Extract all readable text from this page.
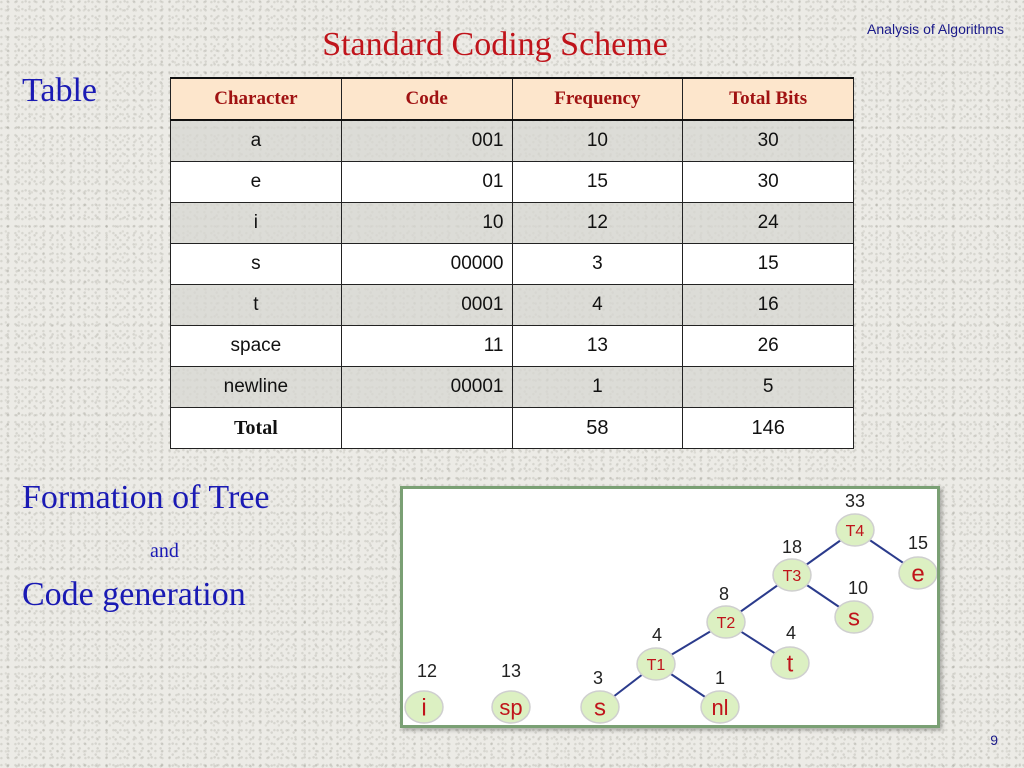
Analysis of Algorithms
Standard Coding Scheme
Table	Character	Code	Frequency	Total Bits
a	001	10	30
e	01	15	30
i	10	12	24
s	00000	3	15
t	0001	4	16
space	11	13	26
newline	00001	1	5
Total		58	146
Formation of Tree
and
Code generation
T4
33
e
15
T3
18
s
10
T2
8
t
4
T1
4
s
3
nl
1
i
12
sp
13
9
